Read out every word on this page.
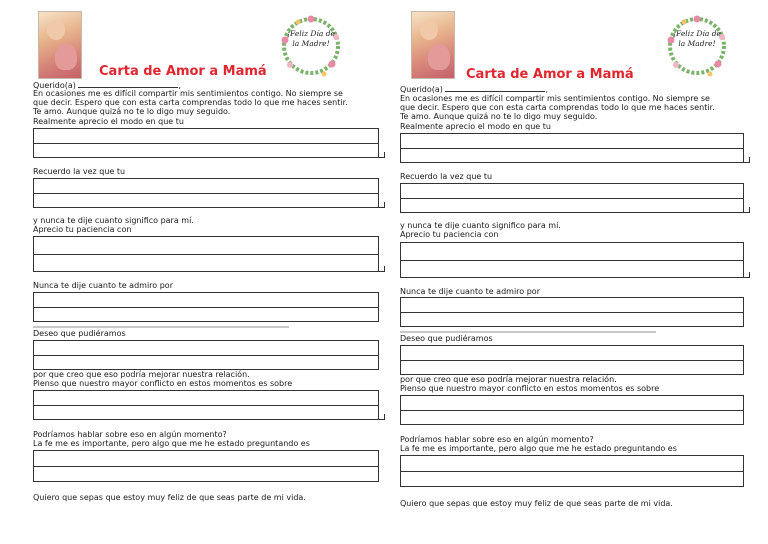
¡Feliz Día de la Madre!
Carta de Amor a Mamá
Querido(a)	,
En ocasiones me es difícil compartir mis sentimientos contigo. No siempre se
que decir. Espero que con esta carta comprendas todo lo que me haces sentir.
Te amo. Aunque quizá no te lo digo muy seguido.
Realmente aprecio el modo en que tu
Recuerdo la vez que tu
y nunca te dije cuanto significo para mí.
Aprecio tu paciencia con
Nunca te dije cuanto te admiro por
Deseo que pudiéramos
por que creo que eso podría mejorar nuestra relación.
Pienso que nuestro mayor conflicto en estos momentos es sobre
Podríamos hablar sobre eso en algún momento?
La fe me es importante, pero algo que me he estado preguntando es
Quiero que sepas que estoy muy feliz de que seas parte de mi vida.
¡Feliz Día de la Madre!
Carta de Amor a Mamá
Querido(a)	,
En ocasiones me es difícil compartir mis sentimientos contigo. No siempre se
que decir. Espero que con esta carta comprendas todo lo que me haces sentir.
Te amo. Aunque quizá no te lo digo muy seguido.
Realmente aprecio el modo en que tu
Recuerdo la vez que tu
y nunca te dije cuanto significo para mí.
Aprecio tu paciencia con
Nunca te dije cuanto te admiro por
Deseo que pudiéramos
por que creo que eso podría mejorar nuestra relación.
Pienso que nuestro mayor conflicto en estos momentos es sobre
Podríamos hablar sobre eso en algún momento?
La fe me es importante, pero algo que me he estado preguntando es
Quiero que sepas que estoy muy feliz de que seas parte de mi vida.
